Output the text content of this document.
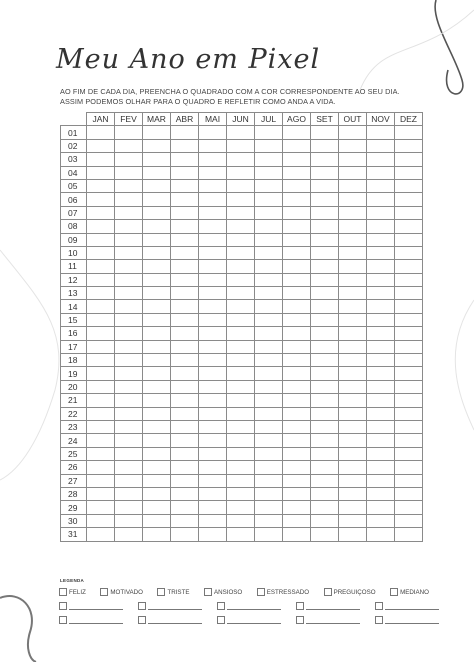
Meu Ano em Pixel
AO FIM DE CADA DIA, PREENCHA O QUADRADO COM A COR CORRESPONDENTE AO SEU DIA. ASSIM PODEMOS OLHAR PARA O QUADRO E REFLETIR COMO ANDA A VIDA.
	JAN	FEV	MAR	ABR	MAI	JUN	JUL	AGO	SET	OUT	NOV	DEZ
01												
02												
03												
04												
05												
06												
07												
08												
09												
10												
11												
12												
13												
14												
15												
16												
17												
18												
19												
20												
21												
22												
23												
24												
25												
26												
27												
28												
29												
30												
31												
LEGENDA
FELIZ	MOTIVADO	TRISTE	ANSIOSO	ESTRESSADO	PREGUIÇOSO	MEDIANO
